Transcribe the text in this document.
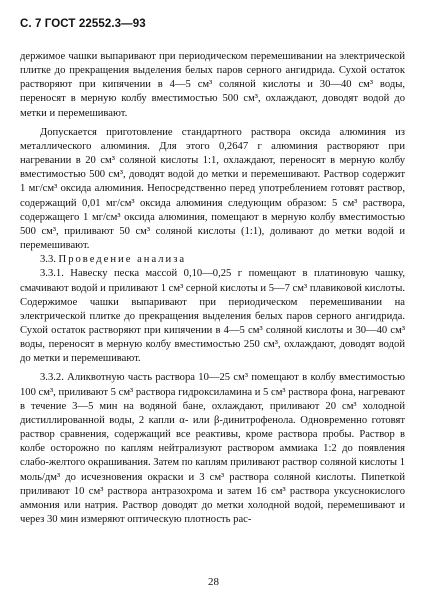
С. 7 ГОСТ 22552.3—93

держимое чашки выпаривают при периодическом перемешивании на электрической плитке до прекращения выделения белых паров серного ангидрида. Сухой остаток растворяют при кипячении в 4—5 см³ соляной кислоты и 30—40 см³ воды, переносят в мерную колбу вместимостью 500 см³, охлаждают, доводят водой до метки и перемешивают.

Допускается приготовление стандартного раствора оксида алюминия из металлического алюминия. Для этого 0,2647 г алюминия растворяют при нагревании в 20 см³ соляной кислоты 1:1, охлаждают, переносят в мерную колбу вместимостью 500 см³, доводят водой до метки и перемешивают. Раствор содержит 1 мг/см³ оксида алюминия. Непосредственно перед употреблением готовят раствор, содержащий 0,01 мг/см³ оксида алюминия следующим образом: 5 см³ раствора, содержащего 1 мг/см³ оксида алюминия, помещают в мерную колбу вместимостью 500 см³, приливают 50 см³ соляной кислоты (1:1), доливают до метки водой и перемешивают.

3.3. Проведение анализа

3.3.1. Навеску песка массой 0,10—0,25 г помещают в платиновую чашку, смачивают водой и приливают 1 см³ серной кислоты и 5—7 см³ плавиковой кислоты. Содержимое чашки выпаривают при периодическом перемешивании на электрической плитке до прекращения выделения белых паров серного ангидрида. Сухой остаток растворяют при кипячении в 4—5 см³ соляной кислоты и 30—40 см³ воды, переносят в мерную колбу вместимостью 250 см³, охлаждают, доводят водой до метки и перемешивают.

3.3.2. Аликвотную часть раствора 10—25 см³ помещают в колбу вместимостью 100 см³, приливают 5 см³ раствора гидроксиламина и 5 см³ раствора фона, нагревают в течение 3—5 мин на водяной бане, охлаждают, приливают 20 см³ холодной дистиллированной воды, 2 капли α- или β-динитрофенола. Одновременно готовят раствор сравнения, содержащий все реактивы, кроме раствора пробы. Раствор в колбе осторожно по каплям нейтрализуют раствором аммиака 1:2 до появления слабо-желтого окрашивания. Затем по каплям приливают раствор соляной кислоты 1 моль/дм³ до исчезновения окраски и 3 см³ раствора соляной кислоты. Пипеткой приливают 10 см³ раствора антразохрома и затем 16 см³ раствора уксуснокислого аммония или натрия. Раствор доводят до метки холодной водой, перемешивают и через 30 мин измеряют оптическую плотность рас-

28
